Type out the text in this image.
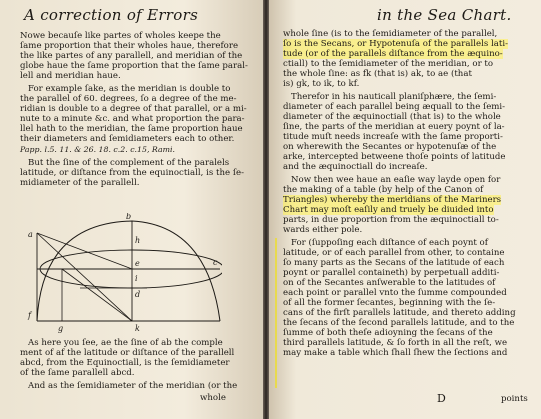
A correction of Errors
Nowe becauſe like partes of wholes keepe the
ſame proportion that their wholes haue, therefore
the like partes of any parallell, and meridian of the
globe haue the ſame proportion that the ſame paral-
lell and meridian haue.
For example ſake, as the meridian is double to
the parallel of 60. degrees, ſo a degree of the me-
ridian is double to a degree of that parallel, or a mi-
nute to a minute &c. and what proportion the para-
llel hath to the meridian, the ſame proportion haue
their diameters and ſemidiameters each to other.
Papp. l.5. 11. & 26. 18. c.2. c.15, Rami.
But the ſine of the complement of the paralels
latitude, or diſtance from the equinoctiall, is the ſe-
midiameter of the parallell.
a
b
c
d
e
f
g
h
i
k
As here you ſee, ae the ſine of ab the comple
ment of af the latitude or diſtance of the parallell
abcd, from the Equinoctiall, is the ſemidiameter
of the ſame parallell abcd.
And as the ſemidiameter of the meridian (or the
whole
in the Sea Chart.
whole ſine (is to the ſemidiameter of the parallel,
ſo is the Secans, or Hypotenuſa of the parallels lati-
tude (or of the parallels diſtance from the æquino-
ctiall) to the ſemidiameter of the meridian, or to
the whole ſine: as fk (that is) ak, to ae (that
is) gk, to ik, to kf.
Therefor in his nauticall planiſphære, the ſemi-
diameter of each parallel being æquall to the ſemi-
diameter of the æquinoctiall (that is) to the whole
ſine, the parts of the meridian at euery poynt of la-
titude muſt needs increaſe with the ſame proporti-
on wherewith the Secantes or hypotenuſæ of the
arke, intercepted betweene thoſe points of latitude
and the æquinoctiall do increaſe.
Now then wee haue an eaſie way layde open for
the making of a table (by help of the Canon of
Triangles) whereby the meridians of the Mariners
Chart may moſt eaſily and truely be diuided into
parts, in due proportion from the æquinoctiall to-
wards either pole.
For (ſuppoſing each diſtance of each poynt of
latitude, or of each parallel from other, to containe
ſo many parts as the Secans of the latitude of each
poynt or parallel containeth) by perpetuall additi-
on of the Secantes anſwerable to the latitudes of
each point or parallel vnto the ſumme compounded
of all the former ſecantes, beginning with the ſe-
cans of the firſt parallels latitude, and thereto adding
the ſecans of the ſecond parallels latitude, and to the
ſumme of both theſe adioyning the ſecans of the
third parallels latitude, & ſo forth in all the reſt, we
may make a table which ſhall ſhew the ſections and
D	points
